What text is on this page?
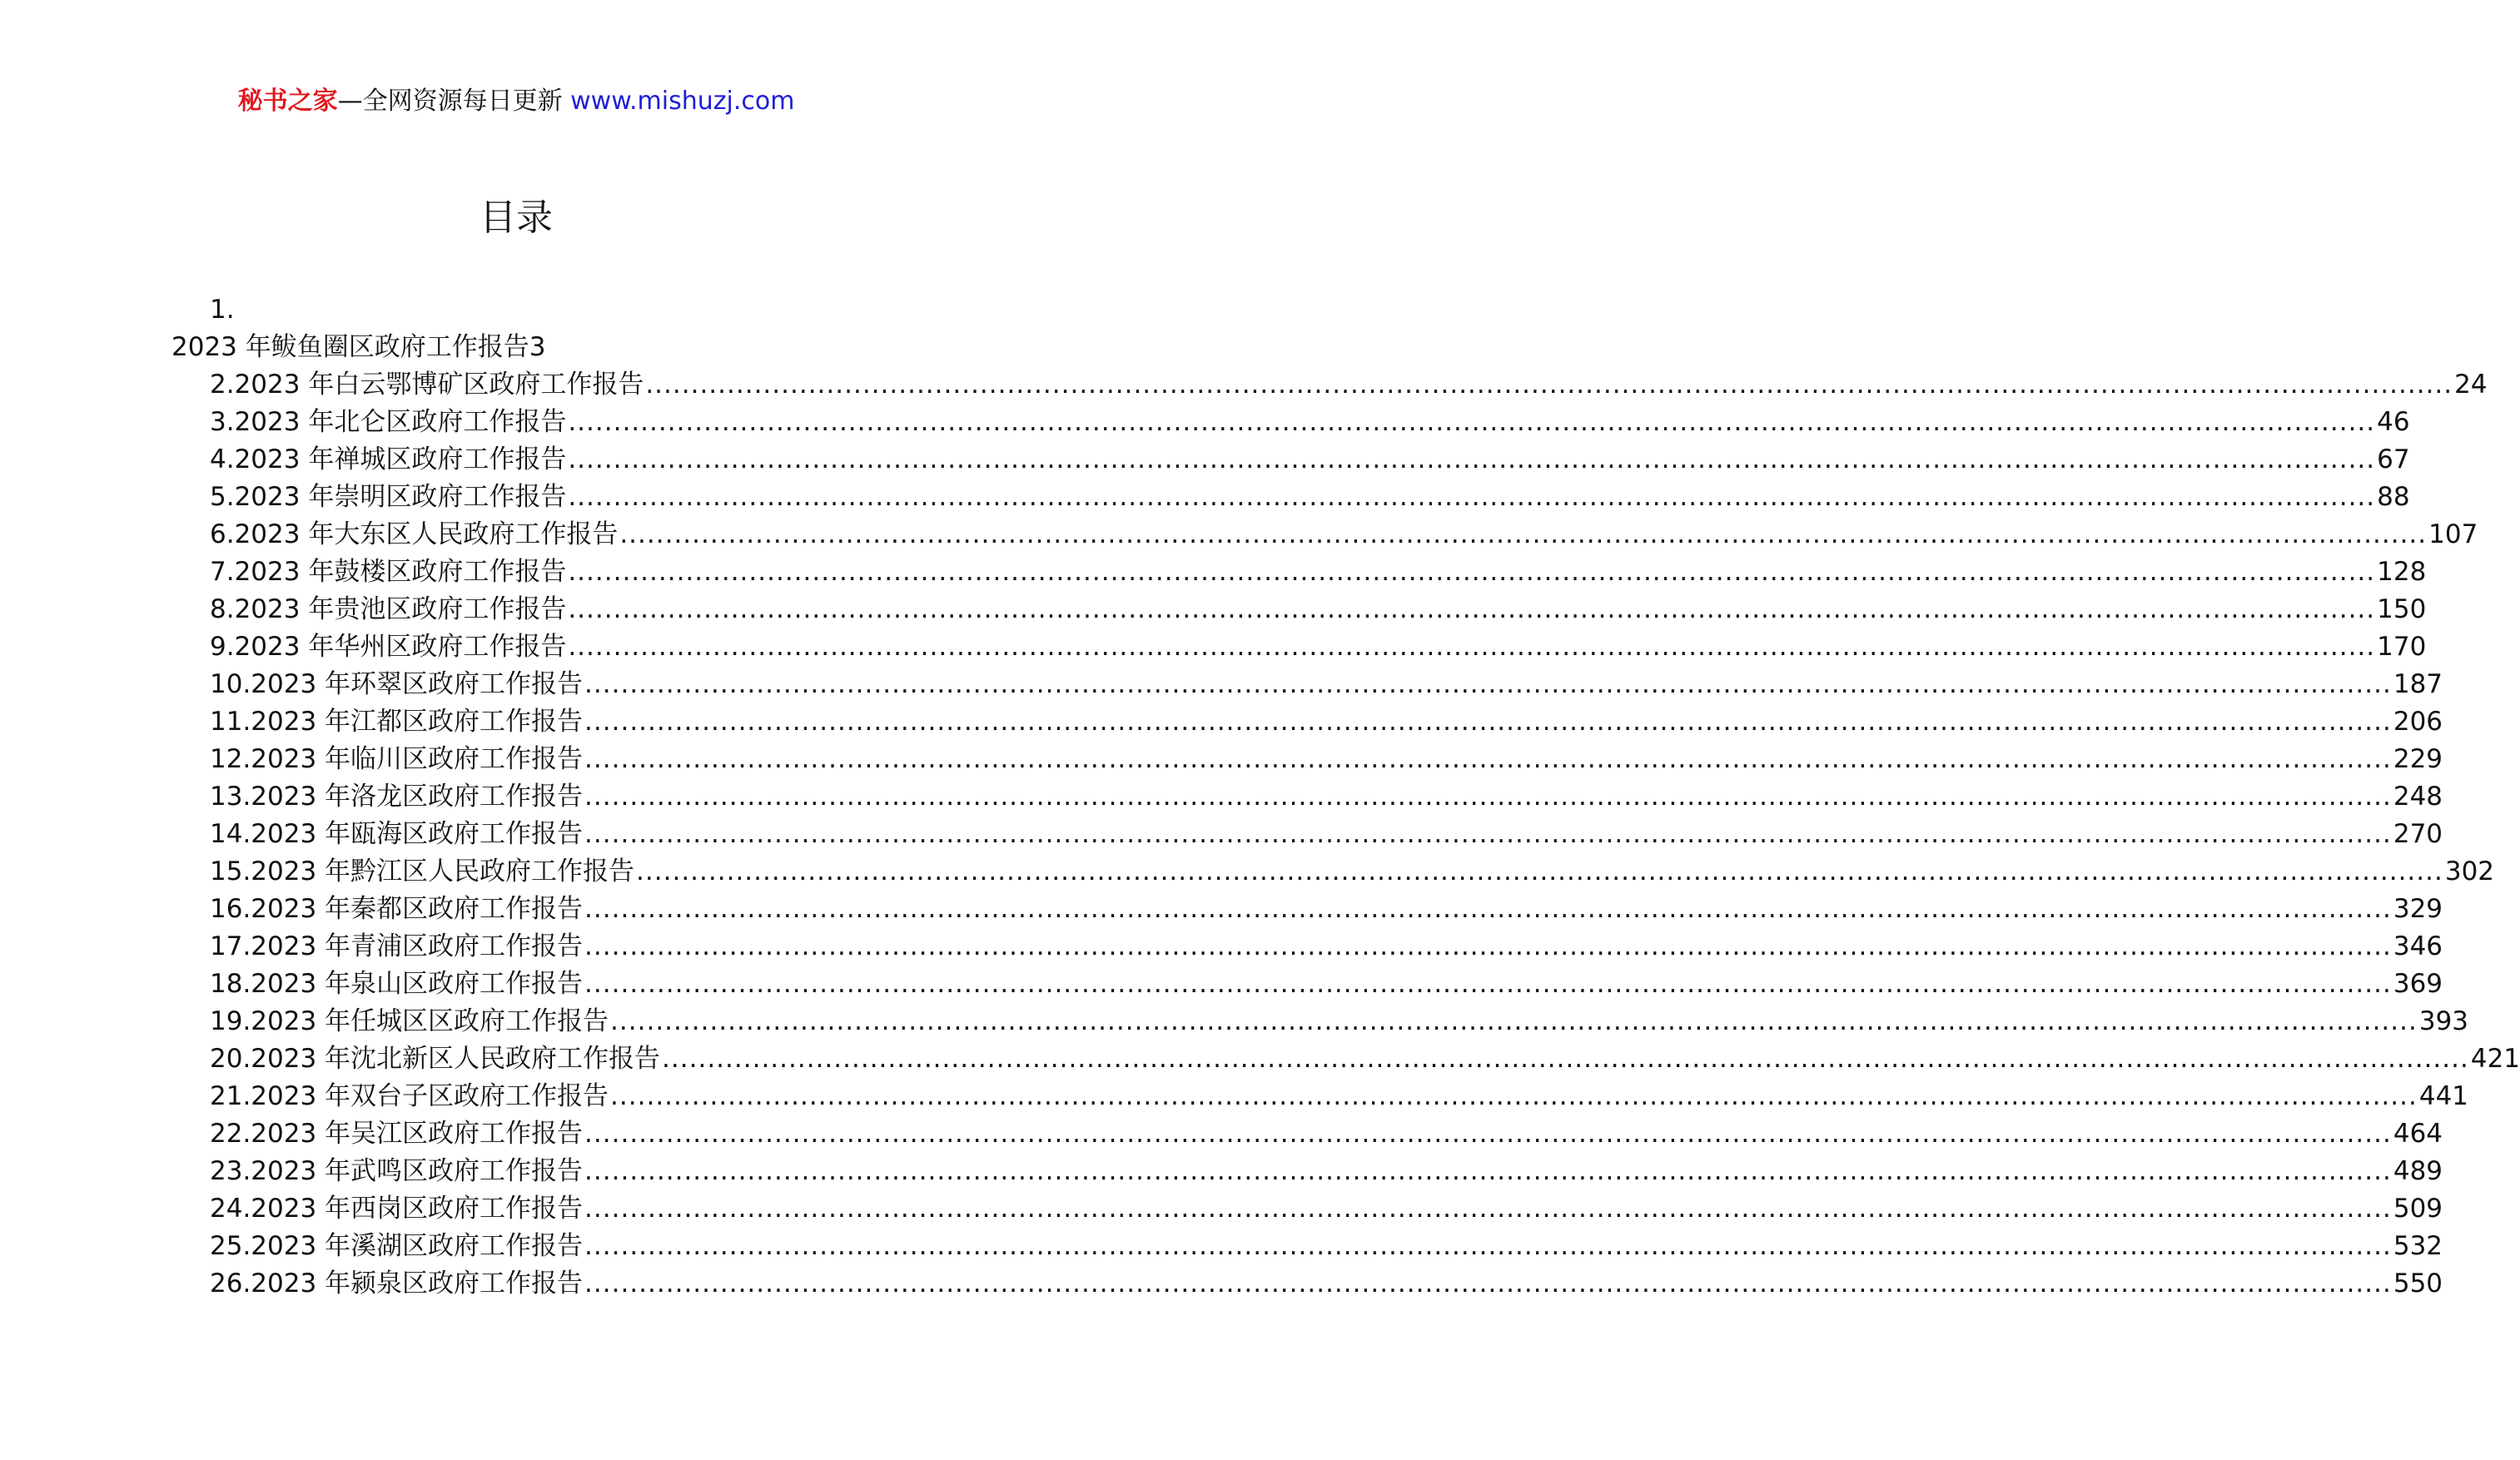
秘书之家—全网资源每日更新 www.mishuzj.com
目录
1.
2023 年鲅鱼圈区政府工作报告3
2.2023 年白云鄂博矿区政府工作报告 ........................................................................................................................................................................................................ 24
3.2023 年北仑区政府工作报告 ........................................................................................................................................................................................................ 46
4.2023 年禅城区政府工作报告 ........................................................................................................................................................................................................ 67
5.2023 年崇明区政府工作报告 ........................................................................................................................................................................................................ 88
6.2023 年大东区人民政府工作报告 ........................................................................................................................................................................................................ 107
7.2023 年鼓楼区政府工作报告 ........................................................................................................................................................................................................ 128
8.2023 年贵池区政府工作报告 ........................................................................................................................................................................................................ 150
9.2023 年华州区政府工作报告 ........................................................................................................................................................................................................ 170
10.2023 年环翠区政府工作报告 ........................................................................................................................................................................................................ 187
11.2023 年江都区政府工作报告 ........................................................................................................................................................................................................ 206
12.2023 年临川区政府工作报告 ........................................................................................................................................................................................................ 229
13.2023 年洛龙区政府工作报告 ........................................................................................................................................................................................................ 248
14.2023 年瓯海区政府工作报告 ........................................................................................................................................................................................................ 270
15.2023 年黔江区人民政府工作报告 ........................................................................................................................................................................................................ 302
16.2023 年秦都区政府工作报告 ........................................................................................................................................................................................................ 329
17.2023 年青浦区政府工作报告 ........................................................................................................................................................................................................ 346
18.2023 年泉山区政府工作报告 ........................................................................................................................................................................................................ 369
19.2023 年任城区区政府工作报告 ........................................................................................................................................................................................................ 393
20.2023 年沈北新区人民政府工作报告 ........................................................................................................................................................................................................ 421
21.2023 年双台子区政府工作报告 ........................................................................................................................................................................................................ 441
22.2023 年吴江区政府工作报告 ........................................................................................................................................................................................................ 464
23.2023 年武鸣区政府工作报告 ........................................................................................................................................................................................................ 489
24.2023 年西岗区政府工作报告 ........................................................................................................................................................................................................ 509
25.2023 年溪湖区政府工作报告 ........................................................................................................................................................................................................ 532
26.2023 年颍泉区政府工作报告 ........................................................................................................................................................................................................ 550
